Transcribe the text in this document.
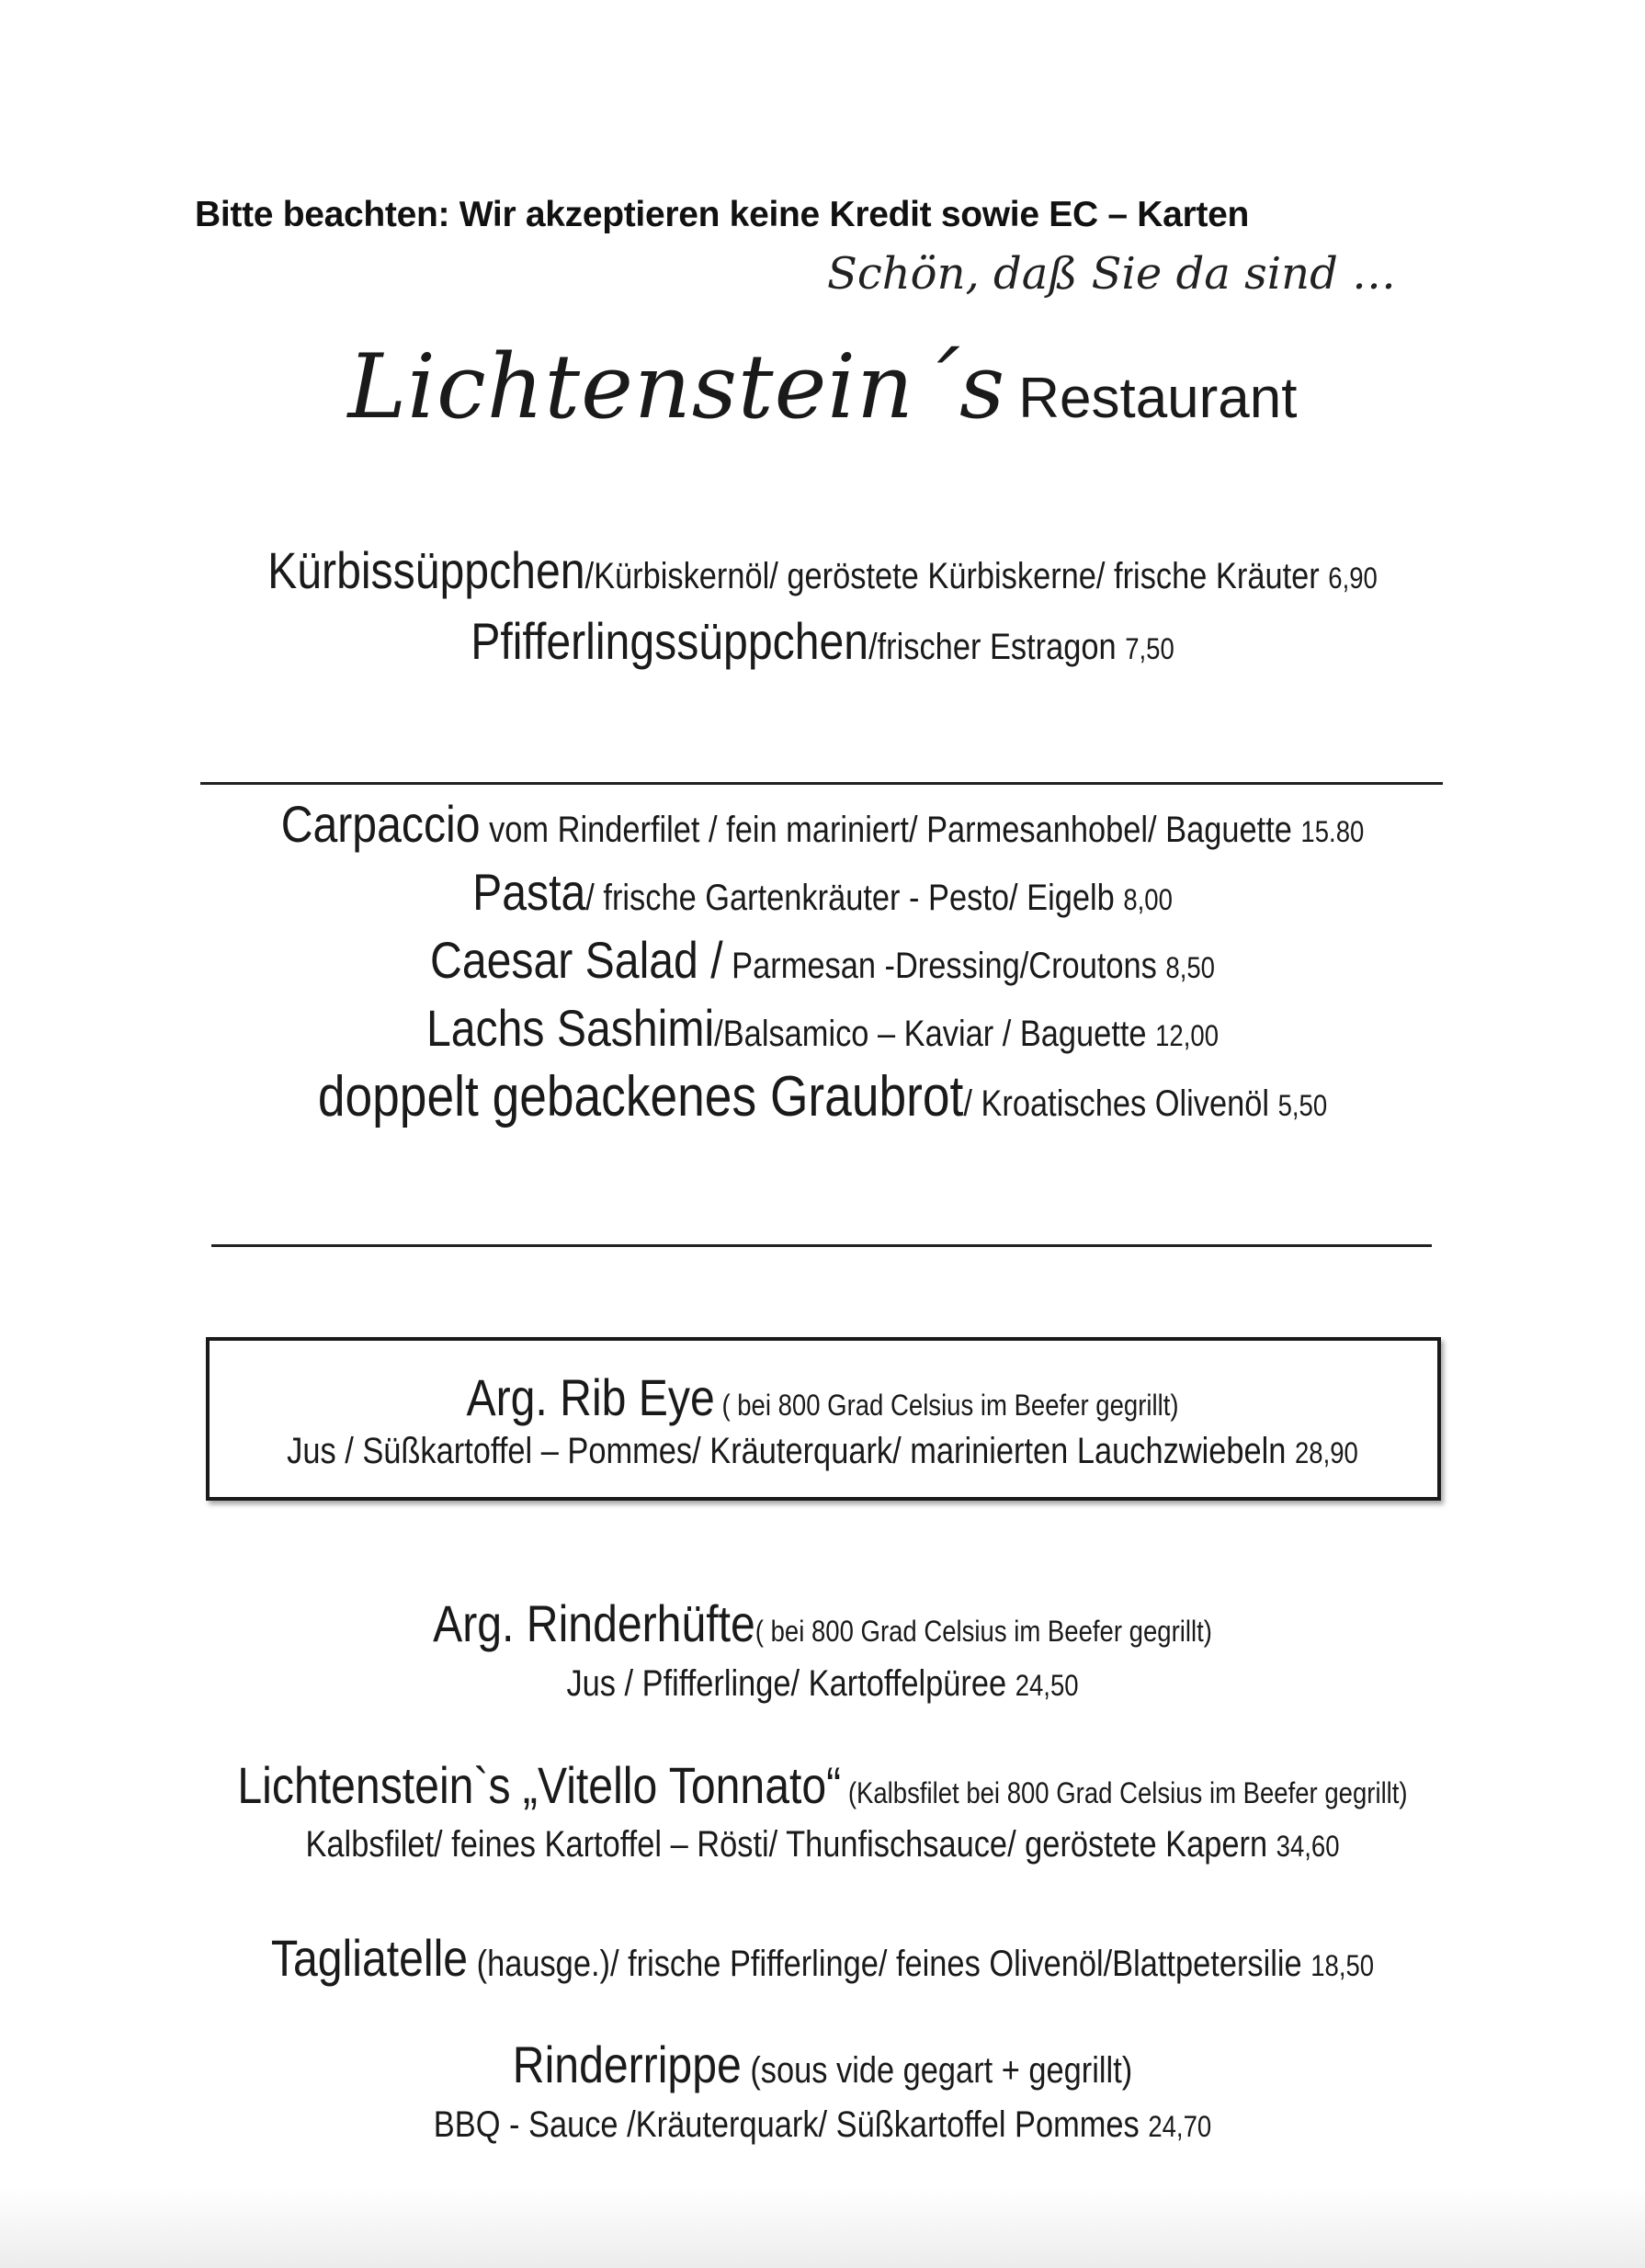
Bitte beachten: Wir akzeptieren keine Kredit sowie EC – Karten
Schön, daß Sie da sind …
Lichtenstein´s Restaurant
Kürbissüppchen/Kürbiskernöl/ geröstete Kürbiskerne/ frische Kräuter 6,90
Pfifferlingssüppchen/frischer Estragon 7,50
Carpaccio vom Rinderfilet / fein mariniert/ Parmesanhobel/ Baguette 15.80
Pasta/ frische Gartenkräuter - Pesto/ Eigelb 8,00
Caesar Salad / Parmesan -Dressing/Croutons 8,50
Lachs Sashimi/Balsamico – Kaviar / Baguette 12,00
doppelt gebackenes Graubrot/ Kroatisches Olivenöl 5,50
Arg. Rib Eye ( bei 800 Grad Celsius im Beefer gegrillt)
Jus / Süßkartoffel – Pommes/ Kräuterquark/ marinierten Lauchzwiebeln 28,90
Arg. Rinderhüfte( bei 800 Grad Celsius im Beefer gegrillt)
Jus / Pfifferlinge/ Kartoffelpüree 24,50
Lichtenstein`s „Vitello Tonnato“ (Kalbsfilet bei 800 Grad Celsius im Beefer gegrillt)
Kalbsfilet/ feines Kartoffel – Rösti/ Thunfischsauce/ geröstete Kapern 34,60
Tagliatelle (hausge.)/ frische Pfifferlinge/ feines Olivenöl/Blattpetersilie 18,50
Rinderrippe (sous vide gegart + gegrillt)
BBQ - Sauce /Kräuterquark/ Süßkartoffel Pommes 24,70
